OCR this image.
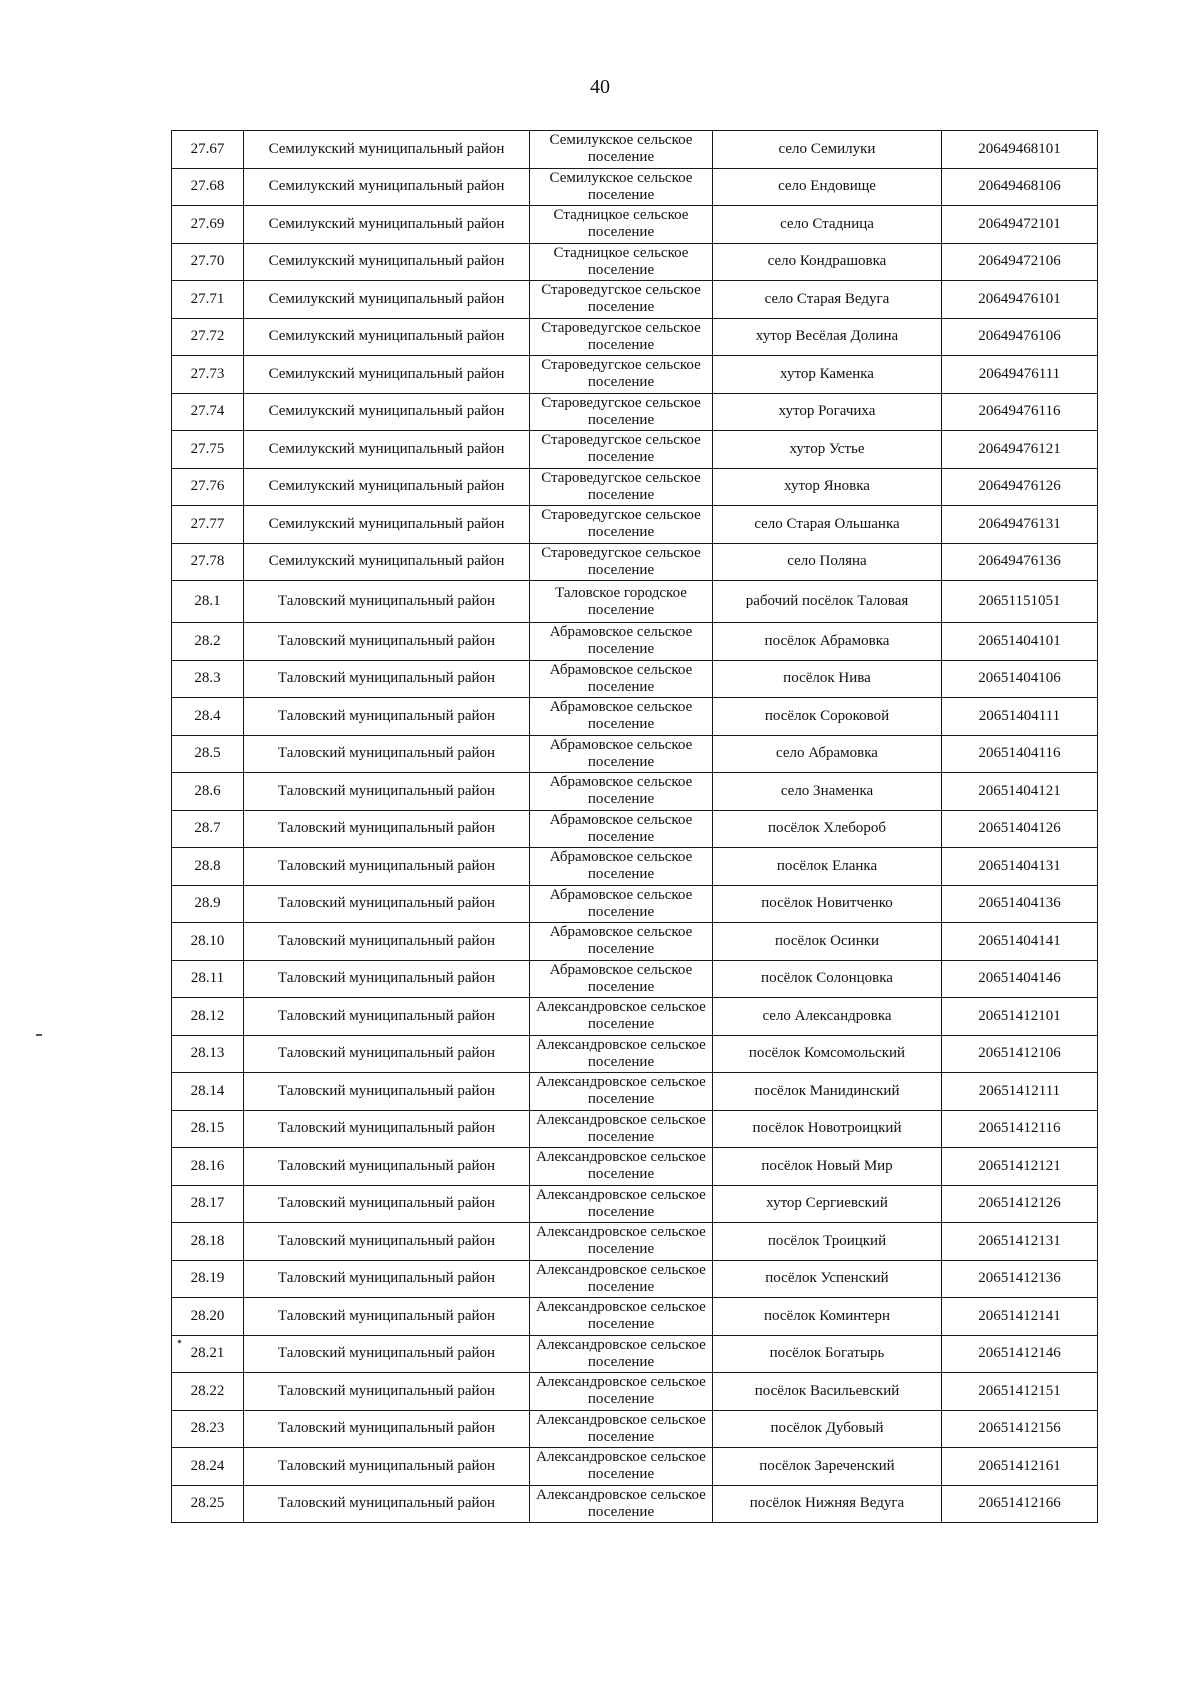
40
27.67	Семилукский муниципальный район	Семилукское сельское поселение	село Семилуки	20649468101
27.68	Семилукский муниципальный район	Семилукское сельское поселение	село Ендовище	20649468106
27.69	Семилукский муниципальный район	Стадницкое сельское поселение	село Стадница	20649472101
27.70	Семилукский муниципальный район	Стадницкое сельское поселение	село Кондрашовка	20649472106
27.71	Семилукский муниципальный район	Староведугское сельское поселение	село Старая Ведуга	20649476101
27.72	Семилукский муниципальный район	Староведугское сельское поселение	хутор Весёлая Долина	20649476106
27.73	Семилукский муниципальный район	Староведугское сельское поселение	хутор Каменка	20649476111
27.74	Семилукский муниципальный район	Староведугское сельское поселение	хутор Рогачиха	20649476116
27.75	Семилукский муниципальный район	Староведугское сельское поселение	хутор Устье	20649476121
27.76	Семилукский муниципальный район	Староведугское сельское поселение	хутор Яновка	20649476126
27.77	Семилукский муниципальный район	Староведугское сельское поселение	село Старая Ольшанка	20649476131
27.78	Семилукский муниципальный район	Староведугское сельское поселение	село Поляна	20649476136
28.1	Таловский муниципальный район	Таловское городское поселение	рабочий посёлок Таловая	20651151051
28.2	Таловский муниципальный район	Абрамовское сельское поселение	посёлок Абрамовка	20651404101
28.3	Таловский муниципальный район	Абрамовское сельское поселение	посёлок Нива	20651404106
28.4	Таловский муниципальный район	Абрамовское сельское поселение	посёлок Сороковой	20651404111
28.5	Таловский муниципальный район	Абрамовское сельское поселение	село Абрамовка	20651404116
28.6	Таловский муниципальный район	Абрамовское сельское поселение	село Знаменка	20651404121
28.7	Таловский муниципальный район	Абрамовское сельское поселение	посёлок Хлебороб	20651404126
28.8	Таловский муниципальный район	Абрамовское сельское поселение	посёлок Еланка	20651404131
28.9	Таловский муниципальный район	Абрамовское сельское поселение	посёлок Новитченко	20651404136
28.10	Таловский муниципальный район	Абрамовское сельское поселение	посёлок Осинки	20651404141
28.11	Таловский муниципальный район	Абрамовское сельское поселение	посёлок Солонцовка	20651404146
28.12	Таловский муниципальный район	Александровское сельское поселение	село Александровка	20651412101
28.13	Таловский муниципальный район	Александровское сельское поселение	посёлок Комсомольский	20651412106
28.14	Таловский муниципальный район	Александровское сельское поселение	посёлок Манидинский	20651412111
28.15	Таловский муниципальный район	Александровское сельское поселение	посёлок Новотроицкий	20651412116
28.16	Таловский муниципальный район	Александровское сельское поселение	посёлок Новый Мир	20651412121
28.17	Таловский муниципальный район	Александровское сельское поселение	хутор Сергиевский	20651412126
28.18	Таловский муниципальный район	Александровское сельское поселение	посёлок Троицкий	20651412131
28.19	Таловский муниципальный район	Александровское сельское поселение	посёлок Успенский	20651412136
28.20	Таловский муниципальный район	Александровское сельское поселение	посёлок Коминтерн	20651412141
28.21	Таловский муниципальный район	Александровское сельское поселение	посёлок Богатырь	20651412146
28.22	Таловский муниципальный район	Александровское сельское поселение	посёлок Васильевский	20651412151
28.23	Таловский муниципальный район	Александровское сельское поселение	посёлок Дубовый	20651412156
28.24	Таловский муниципальный район	Александровское сельское поселение	посёлок Зареченский	20651412161
28.25	Таловский муниципальный район	Александровское сельское поселение	посёлок Нижняя Ведуга	20651412166
